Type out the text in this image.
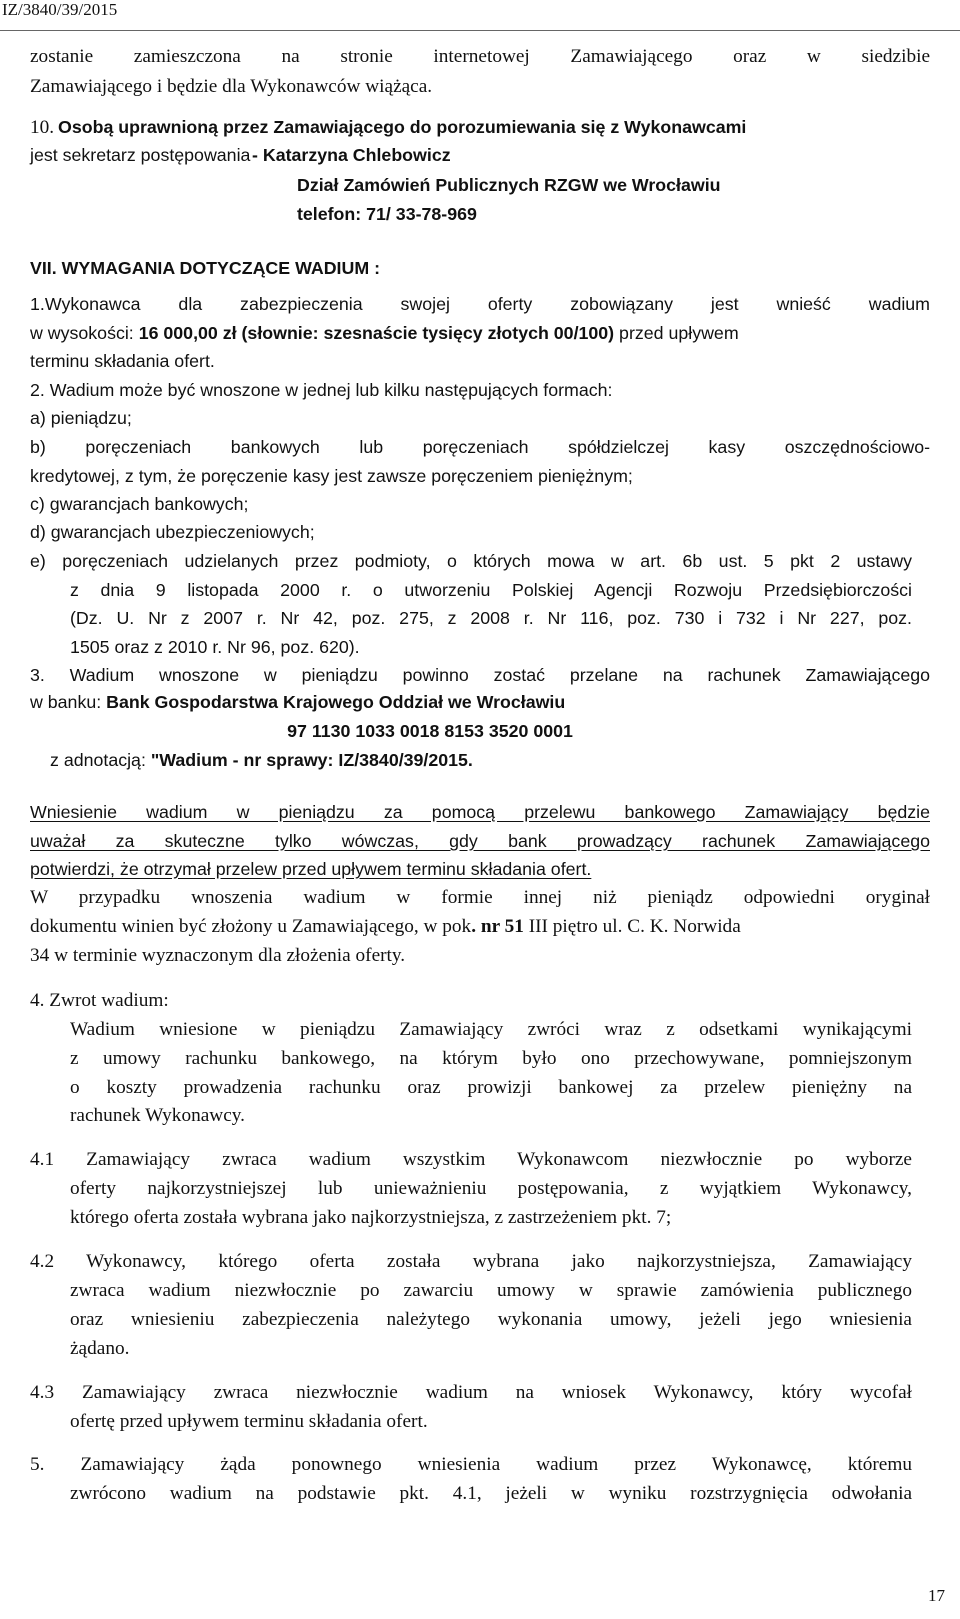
IZ/3840/39/2015
zostanie zamieszczona na stronie internetowej Zamawiającego oraz w siedzibie
Zamawiającego i będzie dla Wykonawców wiążąca.
10. Osobą uprawnioną przez Zamawiającego do porozumiewania się z Wykonawcami
jest sekretarz postępowania - Katarzyna Chlebowicz
Dział Zamówień Publicznych RZGW we Wrocławiu
telefon: 71/ 33-78-969
VII. WYMAGANIA DOTYCZĄCE WADIUM :
1.Wykonawca dla zabezpieczenia swojej oferty zobowiązany jest wnieść wadium
w wysokości: 16 000,00 zł (słownie: szesnaście tysięcy złotych 00/100) przed upływem
terminu składania ofert.
2. Wadium może być wnoszone w jednej lub kilku następujących formach:
a) pieniądzu;
b) poręczeniach bankowych lub poręczeniach spółdzielczej kasy oszczędnościowo-
kredytowej, z tym, że poręczenie kasy jest zawsze poręczeniem pieniężnym;
c) gwarancjach bankowych;
d) gwarancjach ubezpieczeniowych;
e) poręczeniach udzielanych przez podmioty, o których mowa w art. 6b ust. 5 pkt 2 ustawy
z dnia 9 listopada 2000 r. o utworzeniu Polskiej Agencji Rozwoju Przedsiębiorczości
(Dz. U. Nr z 2007 r. Nr 42, poz. 275, z 2008 r. Nr 116, poz. 730 i 732 i Nr 227, poz.
1505 oraz z 2010 r. Nr 96, poz. 620).
3. Wadium wnoszone w pieniądzu powinno zostać przelane na rachunek Zamawiającego
w banku: Bank Gospodarstwa Krajowego Oddział we Wrocławiu
97 1130 1033 0018 8153 3520 0001
z adnotacją: "Wadium - nr sprawy: IZ/3840/39/2015.
Wniesienie wadium w pieniądzu za pomocą przelewu bankowego Zamawiający będzie
uważał za skuteczne tylko wówczas, gdy bank prowadzący rachunek Zamawiającego
potwierdzi, że otrzymał przelew przed upływem terminu składania ofert.
W przypadku wnoszenia wadium w formie innej niż pieniądz odpowiedni oryginał
dokumentu winien być złożony u Zamawiającego, w pok. nr 51 III piętro ul. C. K. Norwida
34 w terminie wyznaczonym dla złożenia oferty.
4. Zwrot wadium:
Wadium wniesione w pieniądzu Zamawiający zwróci wraz z odsetkami wynikającymi
z umowy rachunku bankowego, na którym było ono przechowywane, pomniejszonym
o koszty prowadzenia rachunku oraz prowizji bankowej za przelew pieniężny na
rachunek Wykonawcy.
4.1 Zamawiający zwraca wadium wszystkim Wykonawcom niezwłocznie po wyborze
oferty najkorzystniejszej lub unieważnieniu postępowania, z wyjątkiem Wykonawcy,
którego oferta została wybrana jako najkorzystniejsza, z zastrzeżeniem pkt. 7;
4.2 Wykonawcy, którego oferta została wybrana jako najkorzystniejsza, Zamawiający
zwraca wadium niezwłocznie po zawarciu umowy w sprawie zamówienia publicznego
oraz wniesieniu zabezpieczenia należytego wykonania umowy, jeżeli jego wniesienia
żądano.
4.3 Zamawiający zwraca niezwłocznie wadium na wniosek Wykonawcy, który wycofał
ofertę przed upływem terminu składania ofert.
5. Zamawiający żąda ponownego wniesienia wadium przez Wykonawcę, któremu
zwrócono wadium na podstawie pkt. 4.1, jeżeli w wyniku rozstrzygnięcia odwołania
17
